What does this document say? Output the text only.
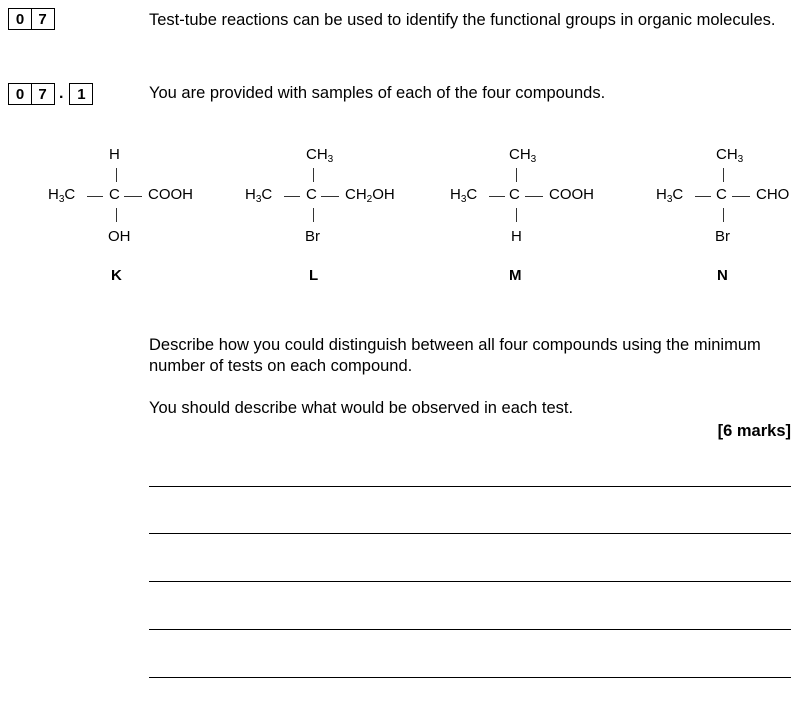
0 7	Test-tube reactions can be used to identify the functional groups in organic molecules.
0 7 . 1	You are provided with samples of each of the four compounds.
H
$H_3C$ C COOH
OH
K
$CH_3$
$H_3C$ C $CH_2OH$
Br
L
$CH_3$
$H_3C$ C COOH
H
M
$CH_3$
$H_3C$ C CHO
Br
N
Describe how you could distinguish between all four compounds using the minimum number of tests on each compound.
You should describe what would be observed in each test.
[6 marks]
